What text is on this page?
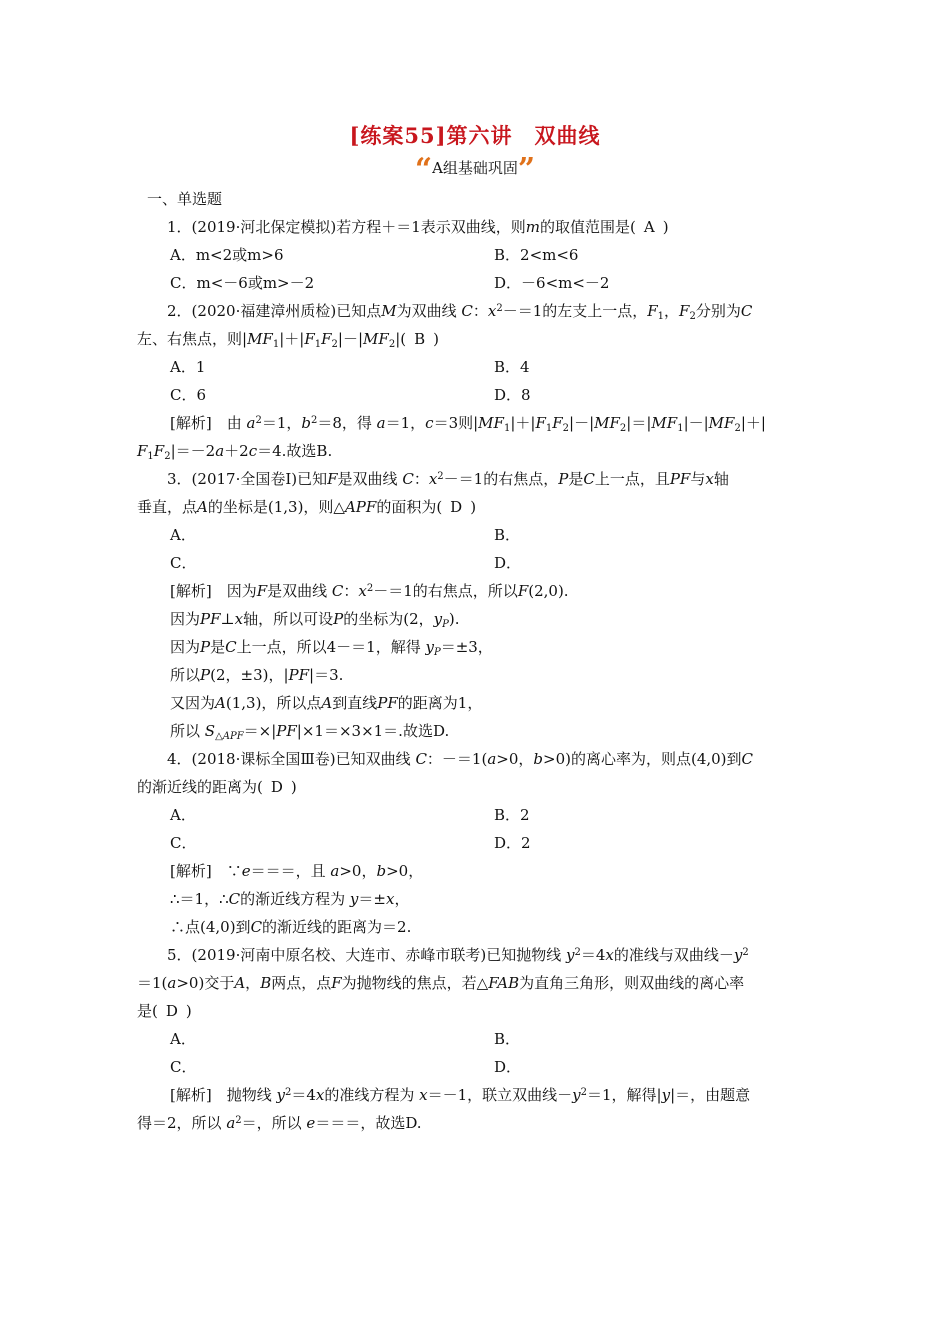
[练案55]第六讲 双曲线
“A组基础巩固”
一、单选题
1．(2019·河北保定模拟)若方程＋＝1表示双曲线，则m的取值范围是( A )
A．m<2或m>6	B．2<m<6
C．m<－6或m>－2	D．－6<m<－2
2．(2020·福建漳州质检)已知点M为双曲线 C：$x^2-=1$的左支上一点，$F_1$，$F_2$分别为C
左、右焦点，则$|MF_1|+|F_1F_2|-|MF_2|$( B )
A．1	B．4
C．6	D．8
[解析]　由 $a^2=1$，$b^2=8$，得 a＝1，c＝3则$|MF_1|+|F_1F_2|-|MF_2|=|MF_1|-|MF_2|+|$
$F_1F_2|=-2a+2c=4$.故选B.
3．(2017·全国卷Ⅰ)已知F是双曲线 C：$x^2-=1$的右焦点，P是C上一点，且PF与x轴
垂直，点A的坐标是(1,3)，则△APF的面积为( D )
A．	B．
C．	D．
[解析]　因为F是双曲线 C：$x^2-=1$的右焦点，所以F(2,0).
因为PF⊥x轴，所以可设P的坐标为(2，$y_P$).
因为P是C上一点，所以4－＝1，解得 $y_P=\pm 3$，
所以P(2，±3)，|PF|＝3.
又因为A(1,3)，所以点A到直线PF的距离为1，
所以 $S_{\triangle APF}=\times|PF|\times 1=\times 3\times 1=$.故选D.
4．(2018·课标全国Ⅲ卷)已知双曲线 C：－＝1(a>0，b>0)的离心率为，则点(4,0)到C
的渐近线的距离为( D )
A．	B．2
C．	D．2
[解析]　∵e＝＝＝，且 a>0，b>0，
∴＝1，∴C的渐近线方程为 y＝±x，
∴点(4,0)到C的渐近线的距离为＝2.
5．(2019·河南中原名校、大连市、赤峰市联考)已知抛物线 $y^2=4x$的准线与双曲线$-y^2$
＝1(a>0)交于A，B两点，点F为抛物线的焦点，若△FAB为直角三角形，则双曲线的离心率
是( D )
A．	B．
C．	D．
[解析]　抛物线 $y^2=4x$的准线方程为 x＝－1，联立双曲线$-y^2=1$，解得|y|＝，由题意
得＝2，所以 $a^2=$，所以 e＝＝＝，故选D.
